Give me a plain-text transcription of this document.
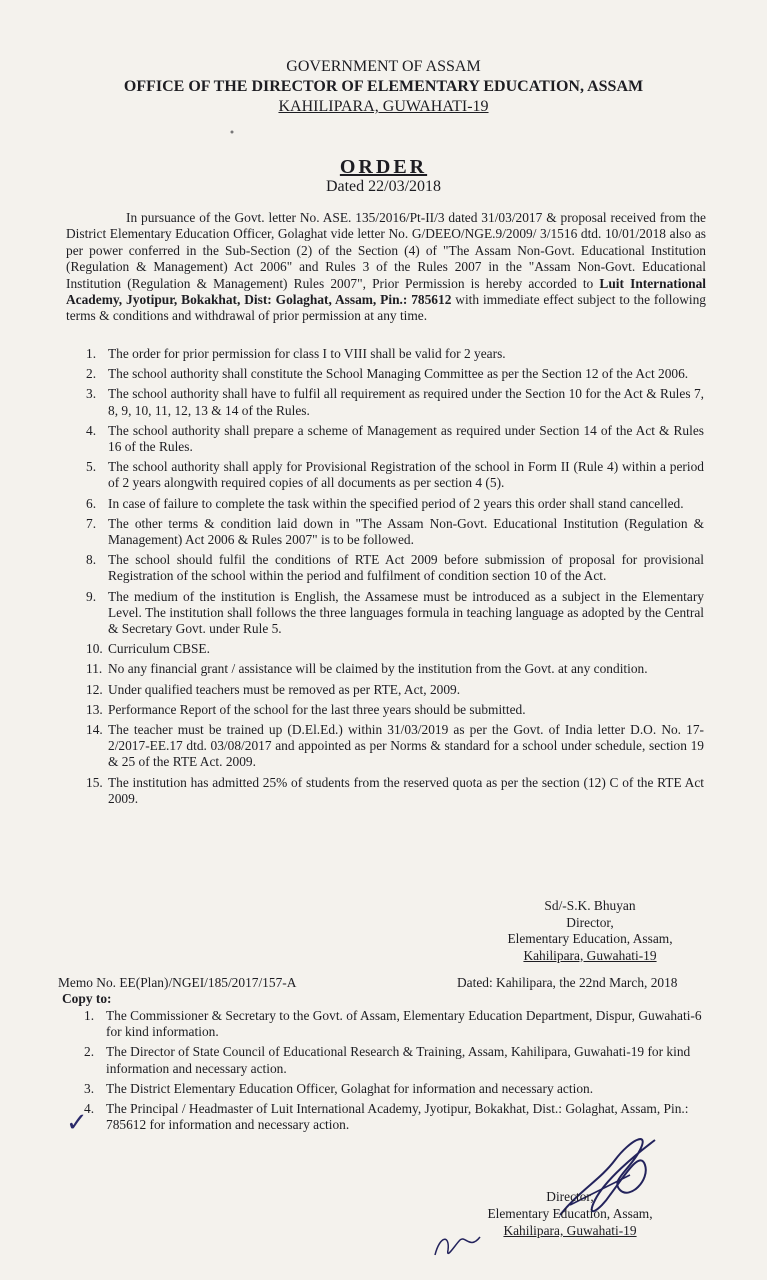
GOVERNMENT OF ASSAM
OFFICE OF THE DIRECTOR OF ELEMENTARY EDUCATION, ASSAM
KAHILIPARA, GUWAHATI-19
ORDER
Dated 22/03/2018
In pursuance of the Govt. letter No. ASE. 135/2016/Pt-II/3 dated 31/03/2017 & proposal received from the District Elementary Education Officer, Golaghat vide letter No. G/DEEO/NGE.9/2009/ 3/1516 dtd. 10/01/2018 also as per power conferred in the Sub-Section (2) of the Section (4) of "The Assam Non-Govt. Educational Institution (Regulation & Management) Act 2006" and Rules 3 of the Rules 2007 in the "Assam Non-Govt. Educational Institution (Regulation & Management) Rules 2007", Prior Permission is hereby accorded to Luit International Academy, Jyotipur, Bokakhat, Dist: Golaghat, Assam, Pin.: 785612 with immediate effect subject to the following terms & conditions and withdrawal of prior permission at any time.
1. The order for prior permission for class I to VIII shall be valid for 2 years.
2. The school authority shall constitute the School Managing Committee as per the Section 12 of the Act 2006.
3. The school authority shall have to fulfil all requirement as required under the Section 10 for the Act & Rules 7, 8, 9, 10, 11, 12, 13 & 14 of the Rules.
4. The school authority shall prepare a scheme of Management as required under Section 14 of the Act & Rules 16 of the Rules.
5. The school authority shall apply for Provisional Registration of the school in Form II (Rule 4) within a period of 2 years alongwith required copies of all documents as per section 4 (5).
6. In case of failure to complete the task within the specified period of 2 years this order shall stand cancelled.
7. The other terms & condition laid down in "The Assam Non-Govt. Educational Institution (Regulation & Management) Act 2006 & Rules 2007" is to be followed.
8. The school should fulfil the conditions of RTE Act 2009 before submission of proposal for provisional Registration of the school within the period and fulfilment of condition section 10 of the Act.
9. The medium of the institution is English, the Assamese must be introduced as a subject in the Elementary Level. The institution shall follows the three languages formula in teaching language as adopted by the Central & Secretary Govt. under Rule 5.
10. Curriculum CBSE.
11. No any financial grant / assistance will be claimed by the institution from the Govt. at any condition.
12. Under qualified teachers must be removed as per RTE, Act, 2009.
13. Performance Report of the school for the last three years should be submitted.
14. The teacher must be trained up (D.El.Ed.) within 31/03/2019 as per the Govt. of India letter D.O. No. 17-2/2017-EE.17 dtd. 03/08/2017 and appointed as per Norms & standard for a school under schedule, section 19 & 25 of the RTE Act. 2009.
15. The institution has admitted 25% of students from the reserved quota as per the section (12) C of the RTE Act 2009.
Sd/-S.K. Bhuyan
Director,
Elementary Education, Assam,
Kahilipara, Guwahati-19
Memo No. EE(Plan)/NGEI/185/2017/157-A	Dated: Kahilipara, the 22nd March, 2018
Copy to:
1. The Commissioner & Secretary to the Govt. of Assam, Elementary Education Department, Dispur, Guwahati-6 for kind information.
2. The Director of State Council of Educational Research & Training, Assam, Kahilipara, Guwahati-19 for kind information and necessary action.
3. The District Elementary Education Officer, Golaghat for information and necessary action.
4. The Principal / Headmaster of Luit International Academy, Jyotipur, Bokakhat, Dist.: Golaghat, Assam, Pin.: 785612 for information and necessary action.
✓
Director,
Elementary Education, Assam,
Kahilipara, Guwahati-19
